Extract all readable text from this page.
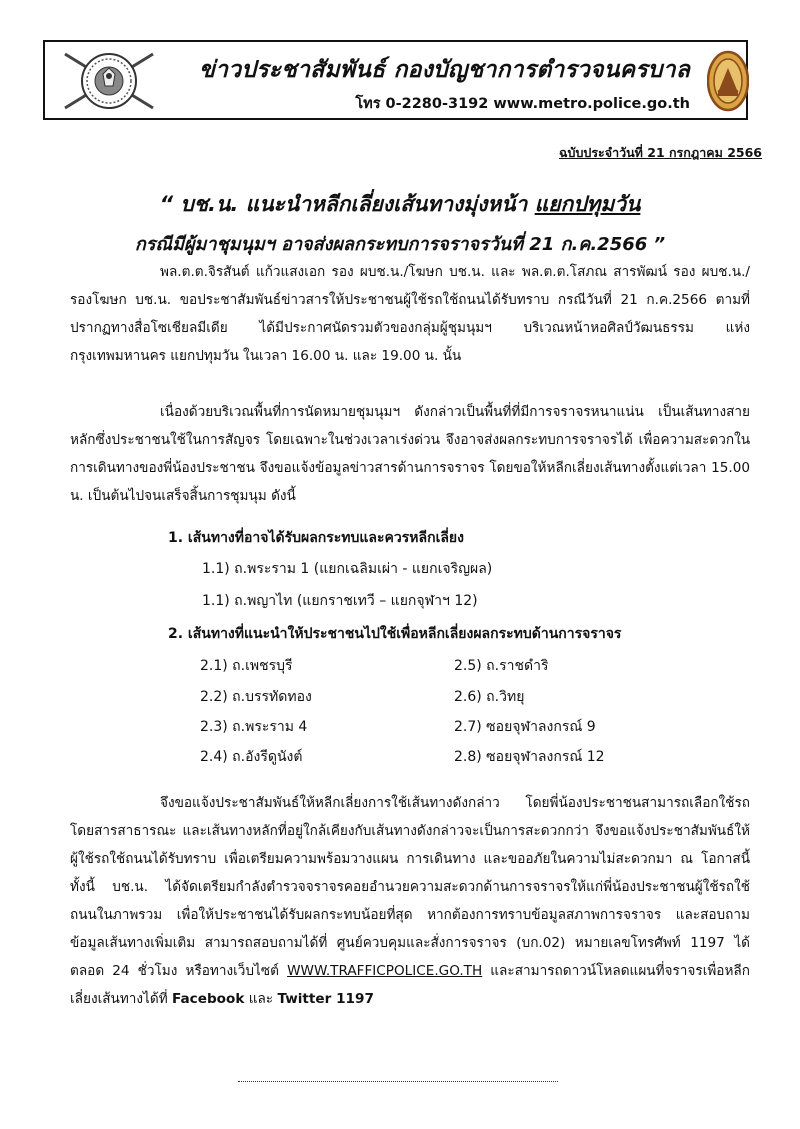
ข่าวประชาสัมพันธ์ กองบัญชาการตำรวจนครบาล
โทร 0-2280-3192 www.metro.police.go.th
ฉบับประจำวันที่ 21 กรกฎาคม 2566
“ บช.น. แนะนำหลีกเลี่ยงเส้นทางมุ่งหน้า แยกปทุมวัน
กรณีมีผู้มาชุมนุมฯ อาจส่งผลกระทบการจราจรวันที่ 21 ก.ค.2566 ”
พล.ต.ต.จิรสันต์ แก้วแสงเอก รอง ผบช.น./โฆษก บช.น. และ พล.ต.ต.โสภณ สารพัฒน์ รอง ผบช.น./ รองโฆษก บช.น. ขอประชาสัมพันธ์ข่าวสารให้ประชาชนผู้ใช้รถใช้ถนนได้รับทราบ กรณีวันที่ 21 ก.ค.2566 ตามที่ปรากฏทางสื่อโซเชียลมีเดีย ได้มีประกาศนัดรวมตัวของกลุ่มผู้ชุมนุมฯ บริเวณหน้าหอศิลป์วัฒนธรรม แห่งกรุงเทพมหานคร แยกปทุมวัน ในเวลา 16.00 น. และ 19.00 น. นั้น
เนื่องด้วยบริเวณพื้นที่การนัดหมายชุมนุมฯ ดังกล่าวเป็นพื้นที่ที่มีการจราจรหนาแน่น เป็นเส้นทางสายหลักซึ่งประชาชนใช้ในการสัญจร โดยเฉพาะในช่วงเวลาเร่งด่วน จึงอาจส่งผลกระทบการจราจรได้ เพื่อความสะดวกในการเดินทางของพี่น้องประชาชน จึงขอแจ้งข้อมูลข่าวสารด้านการจราจร โดยขอให้หลีกเลี่ยงเส้นทางตั้งแต่เวลา 15.00 น. เป็นต้นไปจนเสร็จสิ้นการชุมนุม ดังนี้
1. เส้นทางที่อาจได้รับผลกระทบและควรหลีกเลี่ยง
1.1) ถ.พระราม 1 (แยกเฉลิมเผ่า - แยกเจริญผล)
1.1) ถ.พญาไท (แยกราชเทวี – แยกจุฬาฯ 12)
2. เส้นทางที่แนะนำให้ประชาชนไปใช้เพื่อหลีกเลี่ยงผลกระทบด้านการจราจร
2.1) ถ.เพชรบุรี
2.2) ถ.บรรทัดทอง
2.3) ถ.พระราม 4
2.4) ถ.อังรีดูนังต์
2.5) ถ.ราชดำริ
2.6) ถ.วิทยุ
2.7) ซอยจุฬาลงกรณ์ 9
2.8) ซอยจุฬาลงกรณ์ 12
จึงขอแจ้งประชาสัมพันธ์ให้หลีกเลี่ยงการใช้เส้นทางดังกล่าว โดยพี่น้องประชาชนสามารถเลือกใช้รถโดยสารสาธารณะ และเส้นทางหลักที่อยู่ใกล้เคียงกับเส้นทางดังกล่าวจะเป็นการสะดวกกว่า จึงขอแจ้งประชาสัมพันธ์ให้ผู้ใช้รถใช้ถนนได้รับทราบ เพื่อเตรียมความพร้อมวางแผน การเดินทาง และขออภัยในความไม่สะดวกมา ณ โอกาสนี้ ทั้งนี้ บช.น. ได้จัดเตรียมกำลังตำรวจจราจรคอยอำนวยความสะดวกด้านการจราจรให้แก่พี่น้องประชาชนผู้ใช้รถใช้ถนนในภาพรวม เพื่อให้ประชาชนได้รับผลกระทบน้อยที่สุด หากต้องการทราบข้อมูลสภาพการจราจร และสอบถามข้อมูลเส้นทางเพิ่มเติม สามารถสอบถามได้ที่ ศูนย์ควบคุมและสั่งการจราจร (บก.02) หมายเลขโทรศัพท์ 1197 ได้ตลอด 24 ชั่วโมง หรือทางเว็บไซต์ WWW.TRAFFICPOLICE.GO.TH และสามารถดาวน์โหลดแผนที่จราจรเพื่อหลีกเลี่ยงเส้นทางได้ที่ Facebook และ Twitter 1197
